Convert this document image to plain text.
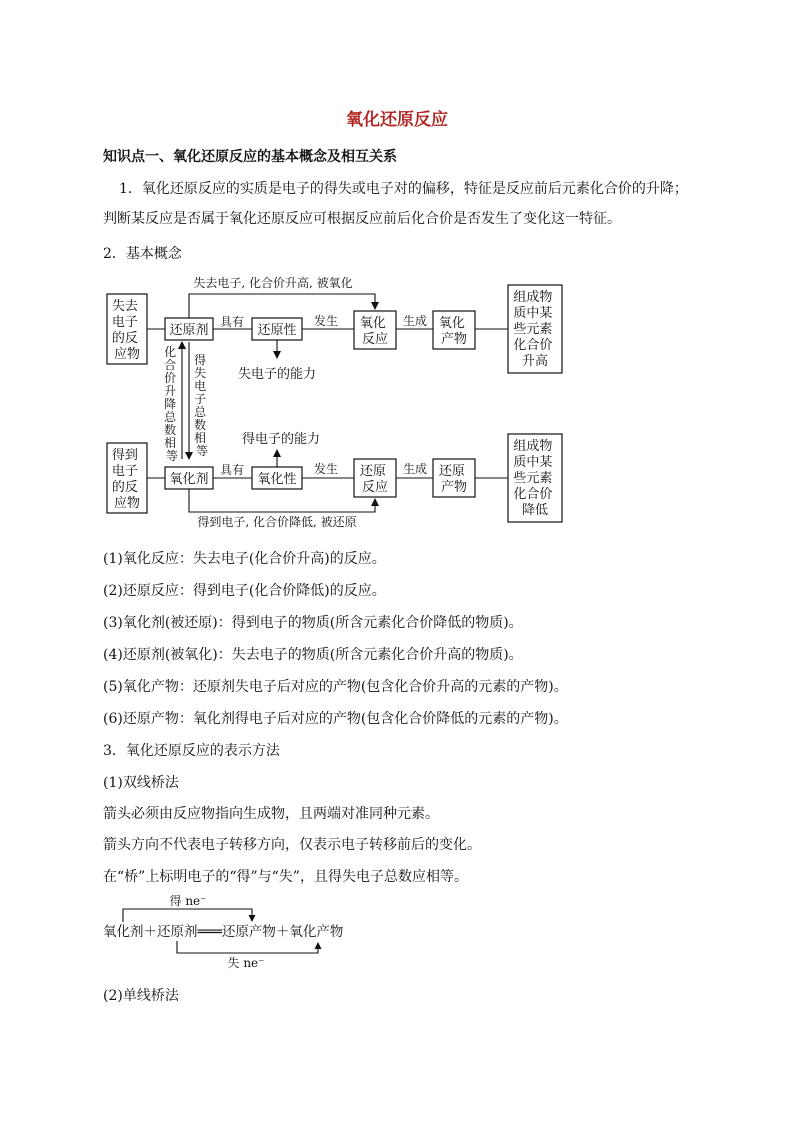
氧化还原反应
知识点一、氧化还原反应的基本概念及相互关系
1．氧化还原反应的实质是电子的得失或电子对的偏移，特征是反应前后元素化合价的升降；判断某反应是否属于氧化还原反应可根据反应前后化合价是否发生了变化这一特征。
2．基本概念
失去 电子 的反 应物
还原剂	还原性	氧化 反应
氧化 产物
组成物 质中某 些元素 化合价 升高
具有	发生	生成
失去电子, 化合价升高, 被氧化
失电子的能力
化 合 价 升 降 总 数 相 等
得 失 电 子 总 数 相 等
得到 电子 的反 应物
氧化剂	氧化性
还原 反应
还原 产物
组成物 质中某 些元素 化合价 降低
具有	发生	生成
得电子的能力
得到电子, 化合价降低, 被还原
(1)氧化反应：失去电子(化合价升高)的反应。
(2)还原反应：得到电子(化合价降低)的反应。
(3)氧化剂(被还原)：得到电子的物质(所含元素化合价降低的物质)。
(4)还原剂(被氧化)：失去电子的物质(所含元素化合价升高的物质)。
(5)氧化产物：还原剂失电子后对应的产物(包含化合价升高的元素的产物)。
(6)还原产物：氧化剂得电子后对应的产物(包含化合价降低的元素的产物)。
3．氧化还原反应的表示方法
(1)双线桥法
箭头必须由反应物指向生成物，且两端对准同种元素。
箭头方向不代表电子转移方向，仅表示电子转移前后的变化。
在“桥”上标明电子的“得”与“失”，且得失电子总数应相等。
得 ne⁻
氧化剂＋还原剂═══还原产物＋氧化产物
失 ne⁻
(2)单线桥法
